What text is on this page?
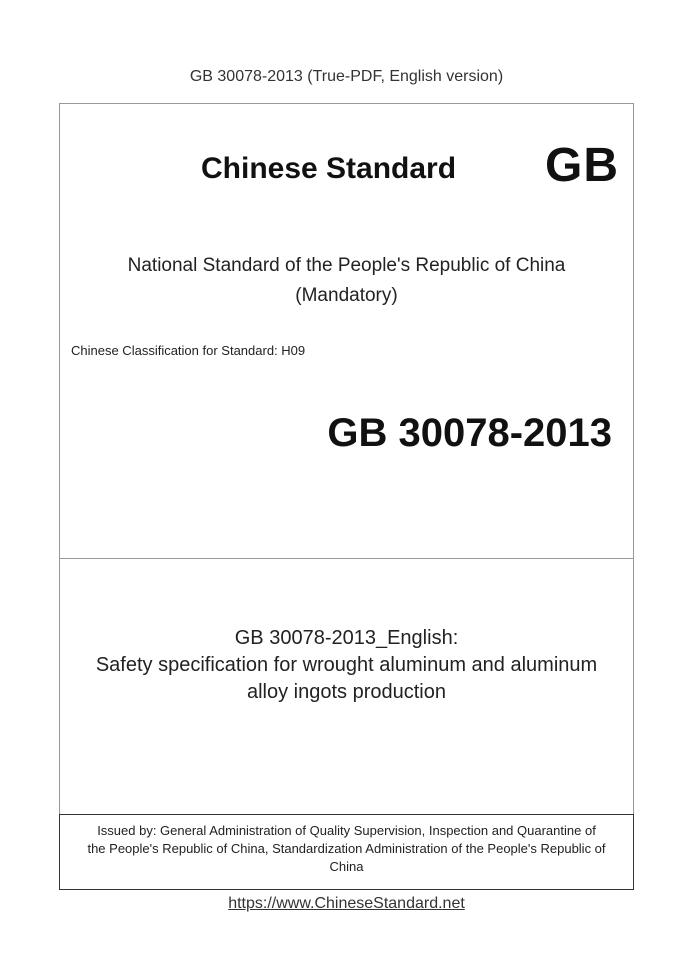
GB 30078-2013 (True-PDF, English version)
Chinese Standard GB
National Standard of the People's Republic of China
(Mandatory)
Chinese Classification for Standard: H09
GB 30078-2013
GB 30078-2013_English:
Safety specification for wrought aluminum and aluminum
alloy ingots production
Issued by: General Administration of Quality Supervision, Inspection and Quarantine of
the People's Republic of China, Standardization Administration of the People's Republic of
China
https://www.ChineseStandard.net
